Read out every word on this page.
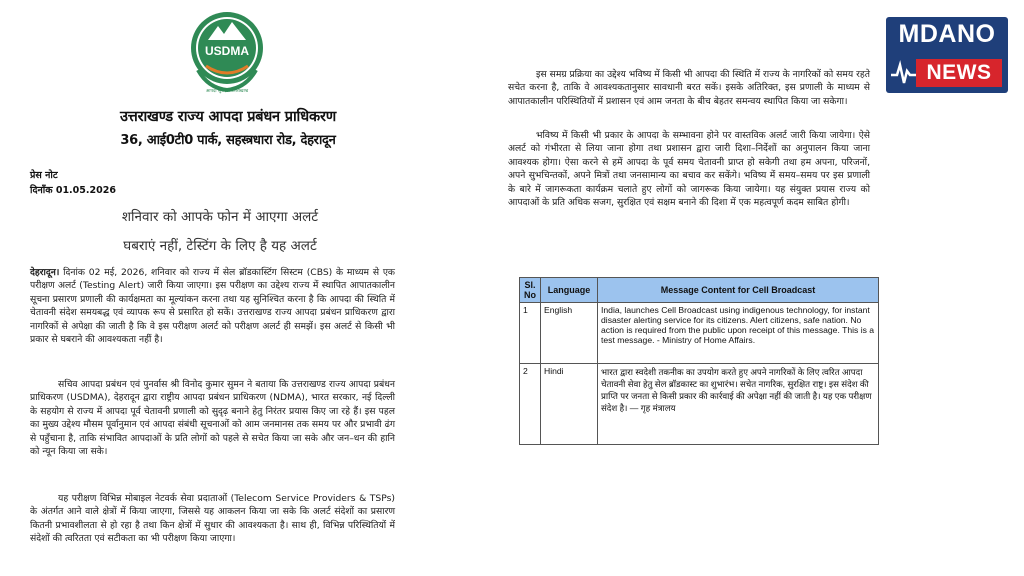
USDMA
आपदा सुरक्षित उत्तराखण्ड
उत्तराखण्ड राज्य आपदा प्रबंधन प्राधिकरण
36, आई0टी0 पार्क, सहस्त्रधारा रोड, देहरादून
प्रेस नोट
दिनाँक 01.05.2026
शनिवार को आपके फोन में आएगा अलर्ट
घबराएं नहीं, टेस्टिंग के लिए है यह अलर्ट
देहरादून। दिनांक 02 मई, 2026, शनिवार को राज्य में सेल ब्रॉडकास्टिंग सिस्टम (CBS) के माध्यम से एक परीक्षण अलर्ट (Testing Alert) जारी किया जाएगा। इस परीक्षण का उद्देश्य राज्य में स्थापित आपातकालीन सूचना प्रसारण प्रणाली की कार्यक्षमता का मूल्यांकन करना तथा यह सुनिश्चित करना है कि आपदा की स्थिति में चेतावनी संदेश समयबद्ध एवं व्यापक रूप से प्रसारित हो सकें। उत्तराखण्ड राज्य आपदा प्रबंधन प्राधिकरण द्वारा नागरिकों से अपेक्षा की जाती है कि वे इस परीक्षण अलर्ट को परीक्षण अलर्ट ही समझें। इस अलर्ट से किसी भी प्रकार से घबराने की आवश्यकता नहीं है।
सचिव आपदा प्रबंधन एवं पुनर्वास श्री विनोद कुमार सुमन ने बताया कि उत्तराखण्ड राज्य आपदा प्रबंधन प्राधिकरण (USDMA), देहरादून द्वारा राष्ट्रीय आपदा प्रबंधन प्राधिकरण (NDMA), भारत सरकार, नई दिल्ली के सहयोग से राज्य में आपदा पूर्व चेतावनी प्रणाली को सुदृढ़ बनाने हेतु निरंतर प्रयास किए जा रहे हैं। इस पहल का मुख्य उद्देश्य मौसम पूर्वानुमान एवं आपदा संबंधी सूचनाओं को आम जनमानस तक समय पर और प्रभावी ढंग से पहुँचाना है, ताकि संभावित आपदाओं के प्रति लोगों को पहले से सचेत किया जा सके और जन–धन की हानि को न्यून किया जा सके।
यह परीक्षण विभिन्न मोबाइल नेटवर्क सेवा प्रदाताओं (Telecom Service Providers & TSPs) के अंतर्गत आने वाले क्षेत्रों में किया जाएगा, जिससे यह आकलन किया जा सके कि अलर्ट संदेशों का प्रसारण कितनी प्रभावशीलता से हो रहा है तथा किन क्षेत्रों में सुधार की आवश्यकता है। साथ ही, विभिन्न परिस्थितियों में संदेशों की त्वरितता एवं सटीकता का भी परीक्षण किया जाएगा।
इस समग्र प्रक्रिया का उद्देश्य भविष्य में किसी भी आपदा की स्थिति में राज्य के नागरिकों को समय रहते सचेत करना है, ताकि वे आवश्यकतानुसार सावधानी बरत सकें। इसके अतिरिक्त, इस प्रणाली के माध्यम से आपातकालीन परिस्थितियों में प्रशासन एवं आम जनता के बीच बेहतर समन्वय स्थापित किया जा सकेगा।
भविष्य में किसी भी प्रकार के आपदा के सम्भावना होने पर वास्तविक अलर्ट जारी किया जायेगा। ऐसे अलर्ट को गंभीरता से लिया जाना होगा तथा प्रशासन द्वारा जारी दिशा–निर्देशों का अनुपालन किया जाना आवश्यक होगा। ऐसा करने से हमें आपदा के पूर्व समय चेतावनी प्राप्त हो सकेगी तथा हम अपना, परिजनों, अपने सुभचिन्तकों, अपने मित्रों तथा जनसामान्य का बचाव कर सकेंगे। भविष्य में समय–समय पर इस प्रणाली के बारे में जागरूकता कार्यक्रम चलाते हुए लोगों को जागरूक किया जायेगा। यह संयुक्त प्रयास राज्य को आपदाओं के प्रति अधिक सजग, सुरक्षित एवं सक्षम बनाने की दिशा में एक महत्वपूर्ण कदम साबित होगी।
Sl. No	Language	Message Content for Cell Broadcast
1	English	India, launches Cell Broadcast using indigenous technology, for instant disaster alerting service for its citizens. Alert citizens, safe nation. No action is required from the public upon receipt of this message. This is a test message. - Ministry of Home Affairs.
2	Hindi	भारत द्वारा स्वदेशी तकनीक का उपयोग करते हुए अपने नागरिकों के लिए त्वरित आपदा चेतावनी सेवा हेतु सेल ब्रॉडकास्ट का शुभारंभ। सचेत नागरिक, सुरक्षित राष्ट्र। इस संदेश की प्राप्ति पर जनता से किसी प्रकार की कार्रवाई की अपेक्षा नहीं की जाती है। यह एक परीक्षण संदेश है। — गृह मंत्रालय
MDANO
NEWS
